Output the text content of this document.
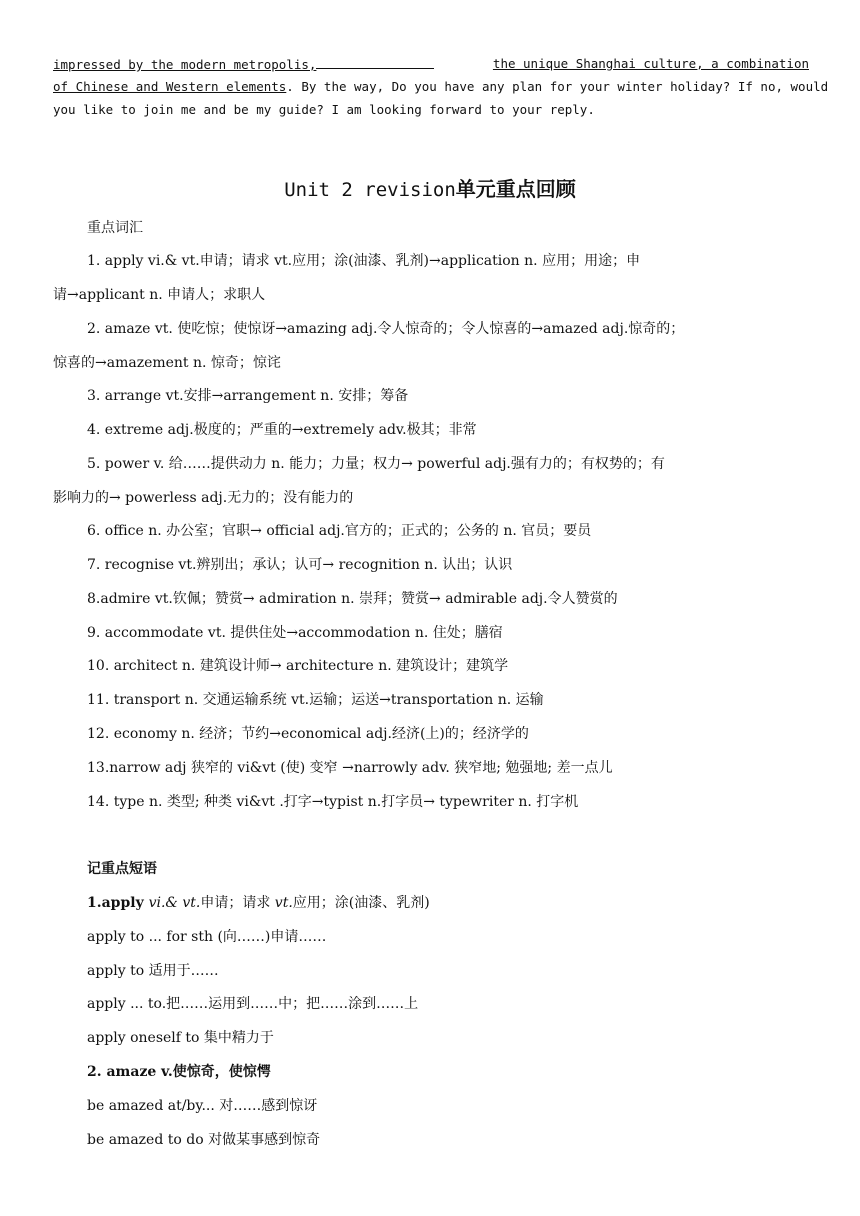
impressed by the modern metropolis,	the unique Shanghai culture, a combination
of Chinese and Western elements. By the way, Do you have any plan for your winter holiday? If no, would
you like to join me and be my guide? I am looking forward to your reply.
Unit 2 revision单元重点回顾
重点词汇
1. apply vi.& vt.申请；请求 vt.应用；涂(油漆、乳剂)→application n. 应用；用途；申
请→applicant n. 申请人；求职人
2. amaze vt. 使吃惊；使惊讶→amazing adj.令人惊奇的；令人惊喜的→amazed adj.惊奇的；
惊喜的→amazement n. 惊奇；惊诧
3. arrange vt.安排→arrangement n. 安排；筹备
4. extreme adj.极度的；严重的→extremely adv.极其；非常
5. power v. 给……提供动力 n. 能力；力量；权力→ powerful adj.强有力的；有权势的；有
影响力的→ powerless adj.无力的；没有能力的
6. office n. 办公室；官职→ official adj.官方的；正式的；公务的 n. 官员；要员
7. recognise vt.辨别出；承认；认可→ recognition n. 认出；认识
8.admire vt.钦佩；赞赏→ admiration n. 崇拜；赞赏→ admirable adj.令人赞赏的
9. accommodate vt. 提供住处→accommodation n. 住处；膳宿
10. architect n. 建筑设计师→ architecture n. 建筑设计；建筑学
11. transport n. 交通运输系统 vt.运输；运送→transportation n. 运输
12. economy n. 经济；节约→economical adj.经济(上)的；经济学的
13.narrow adj 狭窄的 vi&vt (使) 变窄 →narrowly adv. 狭窄地; 勉强地; 差一点儿
14. type n. 类型; 种类 vi&vt .打字→typist n.打字员→ typewriter n. 打字机
记重点短语
1.apply vi.& vt.申请；请求 vt.应用；涂(油漆、乳剂)
apply to ... for sth (向……)申请……
apply to 适用于……
apply ... to.把……运用到……中；把……涂到……上
apply oneself to 集中精力于
2. amaze v.使惊奇，使惊愕
be amazed at/by... 对……感到惊讶
be amazed to do 对做某事感到惊奇
